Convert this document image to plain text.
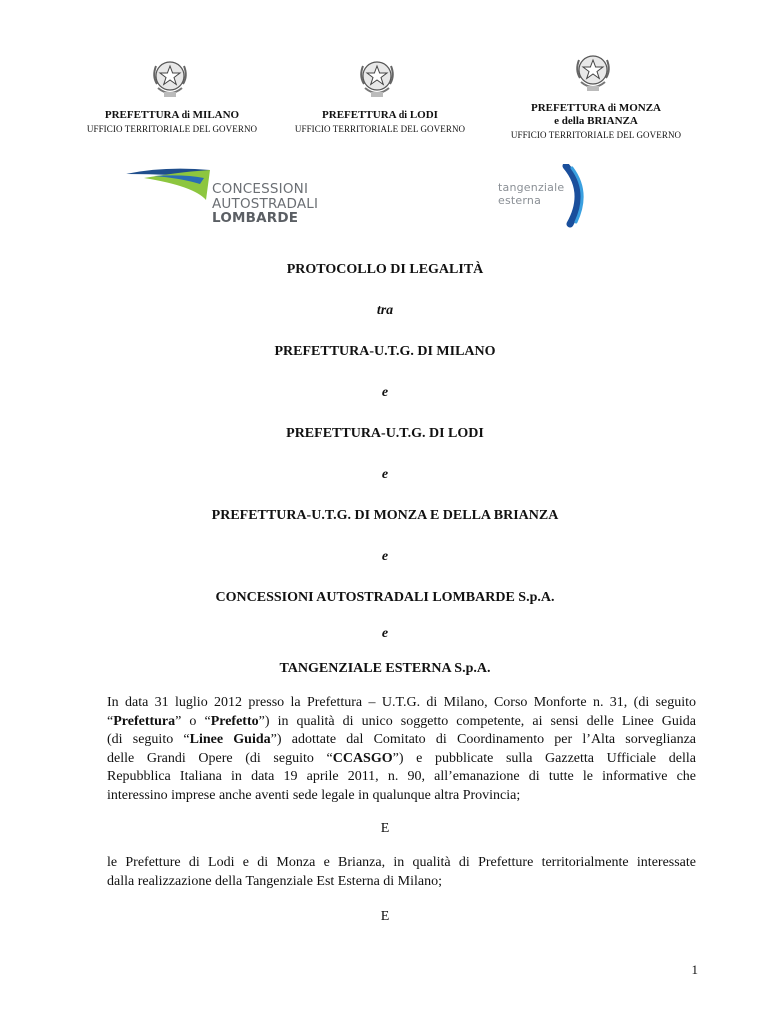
PREFETTURA di MILANO
UFFICIO TERRITORIALE DEL GOVERNO
PREFETTURA di LODI
UFFICIO TERRITORIALE DEL GOVERNO
PREFETTURA di MONZA
e della BRIANZA
UFFICIO TERRITORIALE DEL GOVERNO
CONCESSIONI
AUTOSTRADALI
LOMBARDE
tangenziale
esterna
PROTOCOLLO DI LEGALITÀ
tra
PREFETTURA-U.T.G. DI MILANO
e
PREFETTURA-U.T.G. DI LODI
e
PREFETTURA-U.T.G. DI MONZA E DELLA BRIANZA
e
CONCESSIONI AUTOSTRADALI LOMBARDE S.p.A.
e
TANGENZIALE ESTERNA S.p.A.
In data 31 luglio 2012 presso la Prefettura – U.T.G. di Milano, Corso Monforte n. 31, (di seguito
“Prefettura” o “Prefetto”) in qualità di unico soggetto competente, ai sensi delle Linee Guida
(di seguito “Linee Guida”) adottate dal Comitato di Coordinamento per l’Alta sorveglianza
delle Grandi Opere (di seguito “CCASGO”) e pubblicate sulla Gazzetta Ufficiale della
Repubblica Italiana in data 19 aprile 2011, n. 90, all’emanazione di tutte le informative che
interessino imprese anche aventi sede legale in qualunque altra Provincia;
E
le Prefetture di Lodi e di Monza e Brianza, in qualità di Prefetture territorialmente interessate
dalla realizzazione della Tangenziale Est Esterna di Milano;
E
1
